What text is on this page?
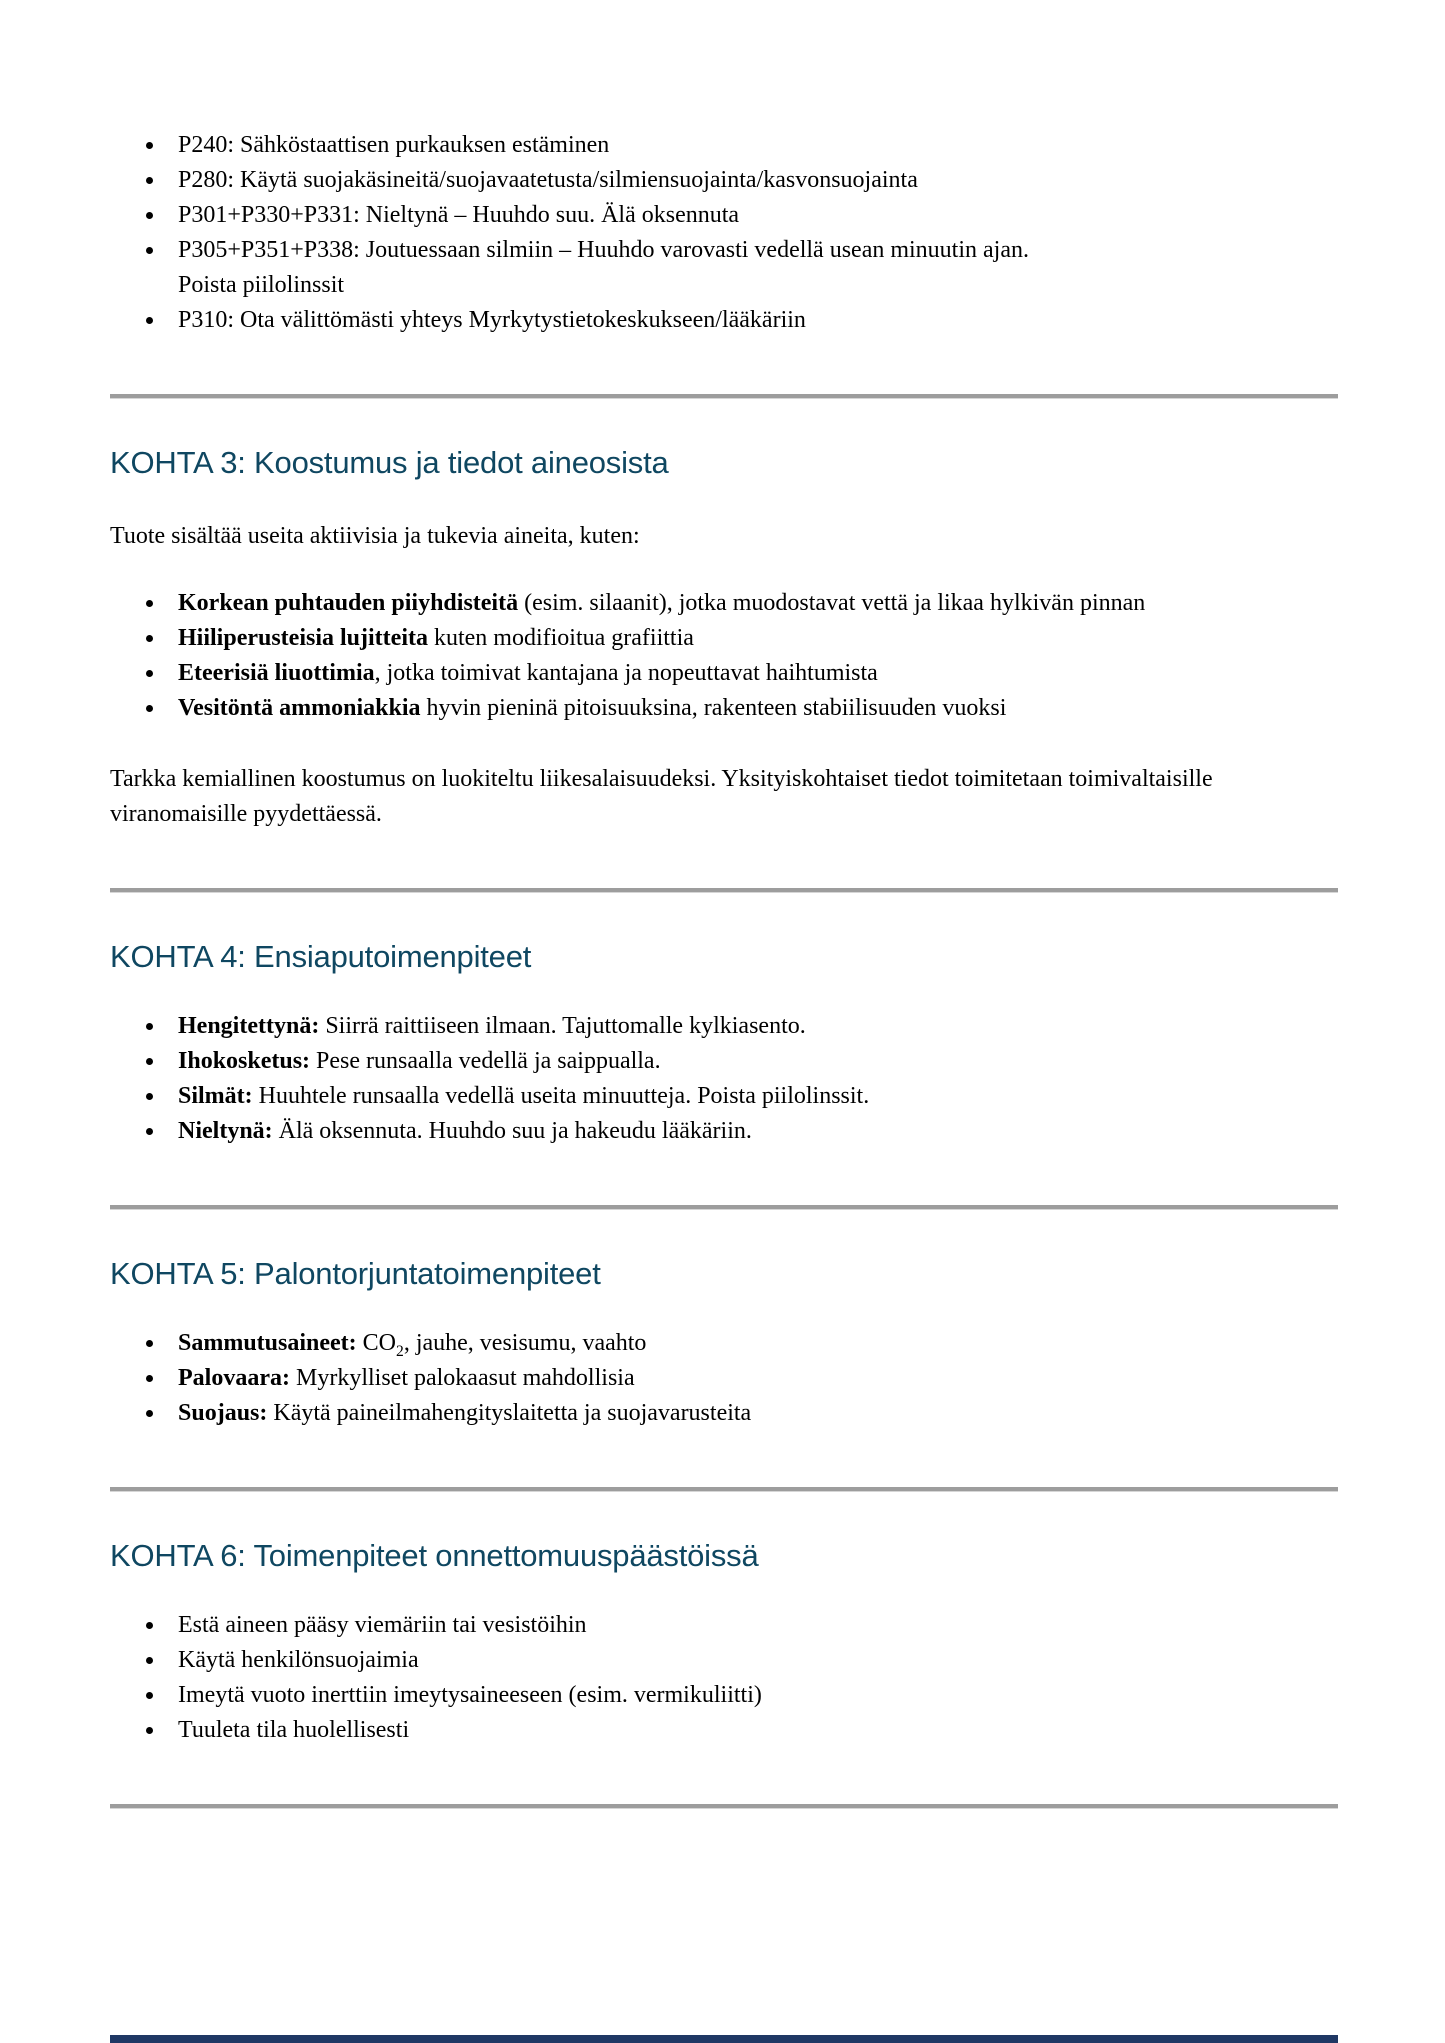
P240: Sähköstaattisen purkauksen estäminen
P280: Käytä suojakäsineitä/suojavaatetusta/silmiensuojainta/kasvonsuojainta
P301+P330+P331: Nieltynä – Huuhdo suu. Älä oksennuta
P305+P351+P338: Joutuessaan silmiin – Huuhdo varovasti vedellä usean minuutin ajan.
Poista piilolinssit
P310: Ota välittömästi yhteys Myrkytystietokeskukseen/lääkäriin
KOHTA 3: Koostumus ja tiedot aineosista

Tuote sisältää useita aktiivisia ja tukevia aineita, kuten:

Korkean puhtauden piiyhdisteitä (esim. silaanit), jotka muodostavat vettä ja likaa hylkivän pinnan
Hiiliperusteisia lujitteita kuten modifioitua grafiittia
Eteerisiä liuottimia, jotka toimivat kantajana ja nopeuttavat haihtumista
Vesitöntä ammoniakkia hyvin pieninä pitoisuuksina, rakenteen stabiilisuuden vuoksi

Tarkka kemiallinen koostumus on luokiteltu liikesalaisuudeksi. Yksityiskohtaiset tiedot toimitetaan toimivaltaisille viranomaisille pyydettäessä.

KOHTA 4: Ensiaputoimenpiteet
Hengitettynä: Siirrä raittiiseen ilmaan. Tajuttomalle kylkiasento.
Ihokosketus: Pese runsaalla vedellä ja saippualla.
Silmät: Huuhtele runsaalla vedellä useita minuutteja. Poista piilolinssit.
Nieltynä: Älä oksennuta. Huuhdo suu ja hakeudu lääkäriin.
KOHTA 5: Palontorjuntatoimenpiteet
Sammutusaineet: $CO_2$, jauhe, vesisumu, vaahto
Palovaara: Myrkylliset palokaasut mahdollisia
Suojaus: Käytä paineilmahengityslaitetta ja suojavarusteita
KOHTA 6: Toimenpiteet onnettomuuspäästöissä
Estä aineen pääsy viemäriin tai vesistöihin
Käytä henkilönsuojaimia
Imeytä vuoto inerttiin imeytysaineeseen (esim. vermikuliitti)
Tuuleta tila huolellisesti
